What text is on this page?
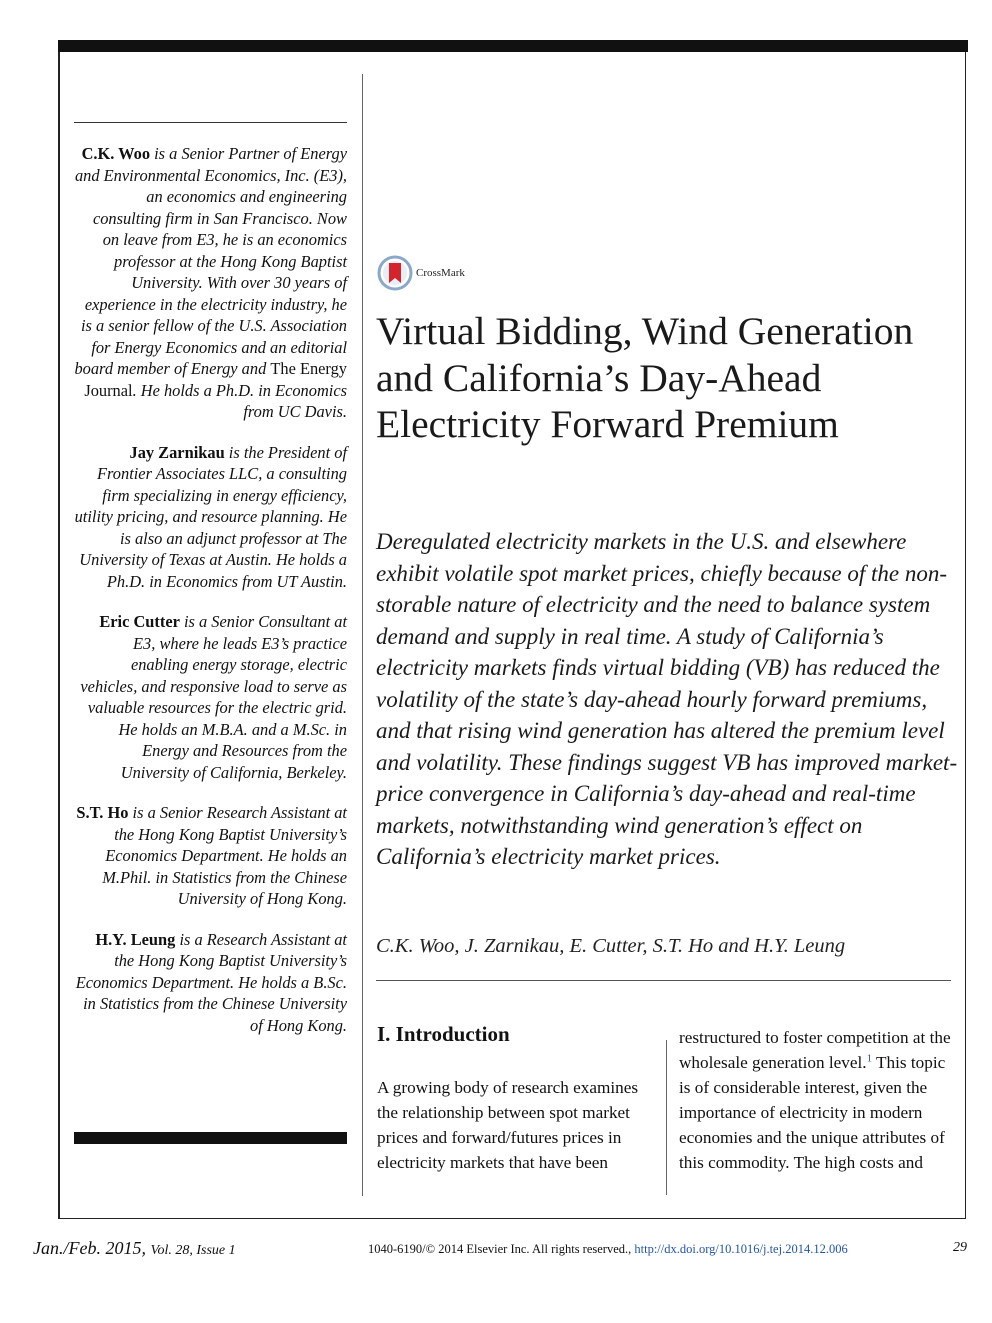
C.K. Woo is a Senior Partner of Energy and Environmental Economics, Inc. (E3), an economics and engineering consulting firm in San Francisco. Now on leave from E3, he is an economics professor at the Hong Kong Baptist University. With over 30 years of experience in the electricity industry, he is a senior fellow of the U.S. Association for Energy Economics and an editorial board member of Energy and The Energy Journal. He holds a Ph.D. in Economics from UC Davis.

Jay Zarnikau is the President of Frontier Associates LLC, a consulting firm specializing in energy efficiency, utility pricing, and resource planning. He is also an adjunct professor at The University of Texas at Austin. He holds a Ph.D. in Economics from UT Austin.

Eric Cutter is a Senior Consultant at E3, where he leads E3’s practice enabling energy storage, electric vehicles, and responsive load to serve as valuable resources for the electric grid. He holds an M.B.A. and a M.Sc. in Energy and Resources from the University of California, Berkeley.

S.T. Ho is a Senior Research Assistant at the Hong Kong Baptist University’s Economics Department. He holds an M.Phil. in Statistics from the Chinese University of Hong Kong.

H.Y. Leung is a Research Assistant at the Hong Kong Baptist University’s Economics Department. He holds a B.Sc. in Statistics from the Chinese University of Hong Kong.

CrossMark
Virtual Bidding, Wind Generation and California’s Day-Ahead Electricity Forward Premium

Deregulated electricity markets in the U.S. and elsewhere exhibit volatile spot market prices, chiefly because of the non-storable nature of electricity and the need to balance system demand and supply in real time. A study of California’s electricity markets finds virtual bidding (VB) has reduced the volatility of the state’s day-ahead hourly forward premiums, and that rising wind generation has altered the premium level and volatility. These findings suggest VB has improved market-price convergence in California’s day-ahead and real-time markets, notwithstanding wind generation’s effect on California’s electricity market prices.

C.K. Woo, J. Zarnikau, E. Cutter, S.T. Ho and H.Y. Leung
I. Introduction

A growing body of research examines the relationship between spot market prices and forward/futures prices in electricity markets that have been

restructured to foster competition at the wholesale generation level.$^1$ This topic is of considerable interest, given the importance of electricity in modern economies and the unique attributes of this commodity. The high costs and

Jan./Feb. 2015, Vol. 28, Issue 1	1040-6190/© 2014 Elsevier Inc. All rights reserved., http://dx.doi.org/10.1016/j.tej.2014.12.006	29
